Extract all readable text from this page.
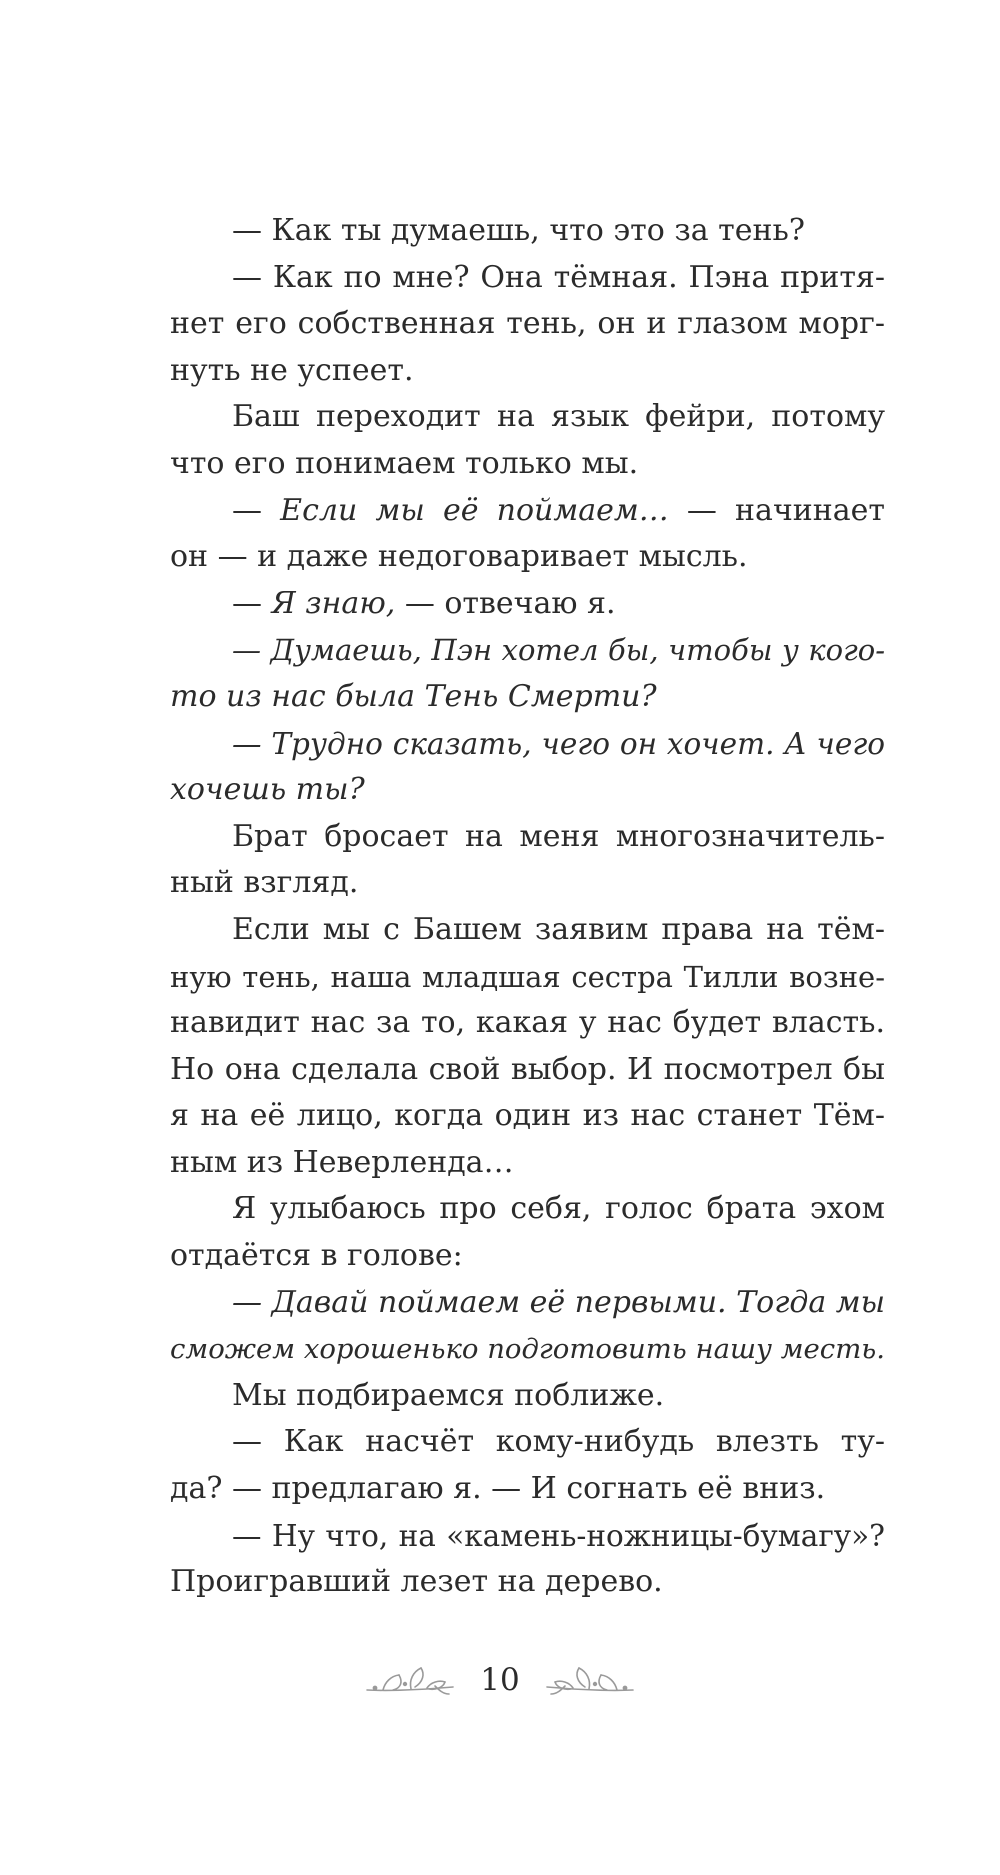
— Как ты думаешь, что это за тень?
— Как по мне? Она тёмная. Пэна притя-
нет его собственная тень, он и глазом морг-
нуть не успеет.
Баш переходит на язык фейри, потому
что его понимаем только мы.
— Если мы её поймаем… — начинает
он — и даже недоговаривает мысль.
— Я знаю, — отвечаю я.
— Думаешь, Пэн хотел бы, чтобы у кого-
то из нас была Тень Смерти?
— Трудно сказать, чего он хочет. А чего
хочешь ты?
Брат бросает на меня многозначитель-
ный взгляд.
Если мы с Башем заявим права на тём-
ную тень, наша младшая сестра Тилли возне-
навидит нас за то, какая у нас будет власть.
Но она сделала свой выбор. И посмотрел бы
я на её лицо, когда один из нас станет Тём-
ным из Неверленда…
Я улыбаюсь про себя, голос брата эхом
отдаётся в голове:
— Давай поймаем её первыми. Тогда мы
сможем хорошенько подготовить нашу месть.
Мы подбираемся поближе.
— Как насчёт кому-нибудь влезть ту-
да? — предлагаю я. — И согнать её вниз.
— Ну что, на «камень-ножницы-бумагу»?
Проигравший лезет на дерево.
10
